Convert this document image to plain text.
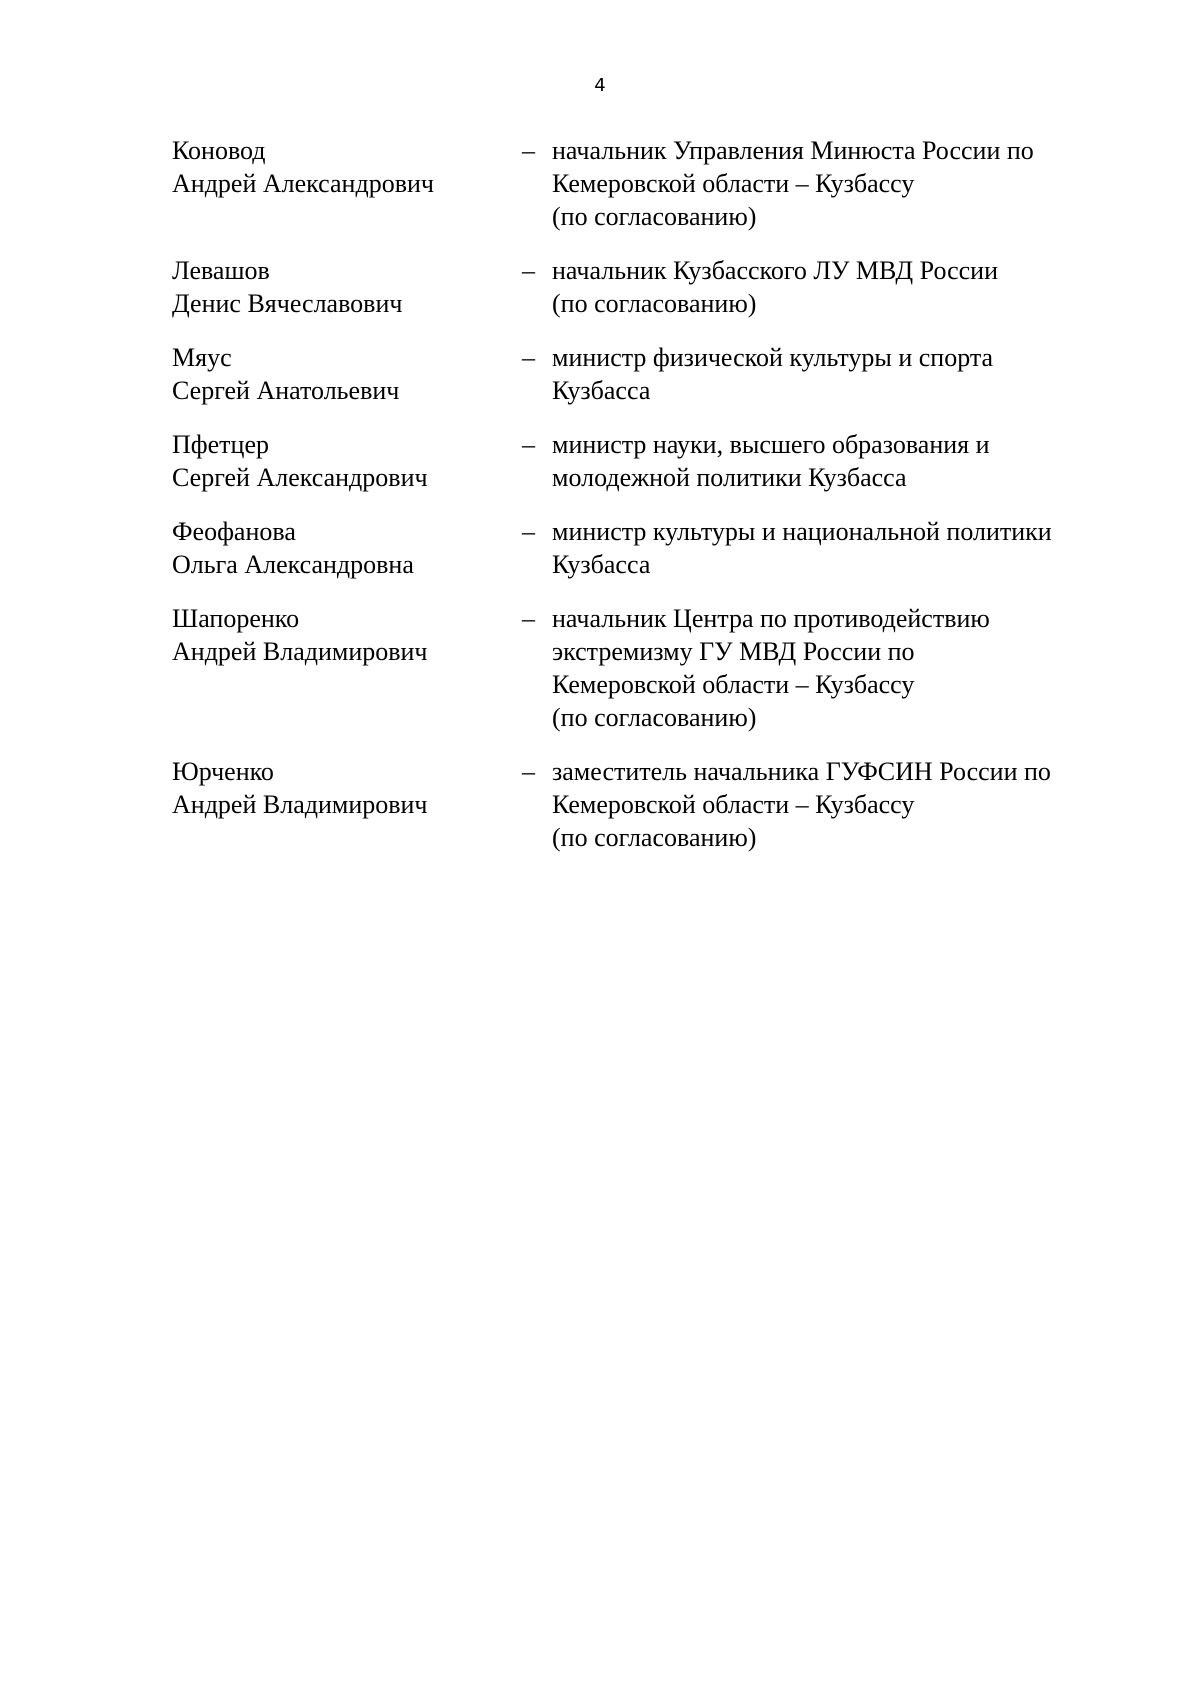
4
Коновод
Андрей Александрович
– начальник Управления Минюста России по
Кемеровской области – Кузбассу
(по согласованию)
Левашов
Денис Вячеславович
– начальник Кузбасского ЛУ МВД России
(по согласованию)
Мяус
Сергей Анатольевич
– министр физической культуры и спорта
Кузбасса
Пфетцер
Сергей Александрович
– министр науки, высшего образования и
молодежной политики Кузбасса
Феофанова
Ольга Александровна
– министр культуры и национальной политики
Кузбасса
Шапоренко
Андрей Владимирович
– начальник Центра по противодействию
экстремизму ГУ МВД России по
Кемеровской области – Кузбассу
(по согласованию)
Юрченко
Андрей Владимирович
– заместитель начальника ГУФСИН России по
Кемеровской области – Кузбассу
(по согласованию)
